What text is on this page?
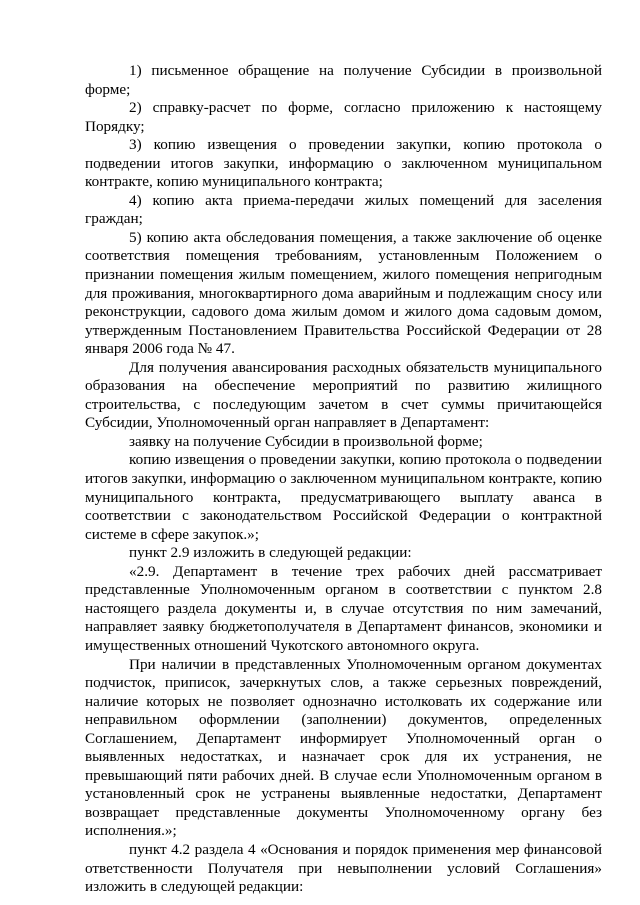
1) письменное обращение на получение Субсидии в произвольной форме;

2) справку-расчет по форме, согласно приложению к настоящему Порядку;

3) копию извещения о проведении закупки, копию протокола о подведении итогов закупки, информацию о заключенном муниципальном контракте, копию муниципального контракта;

4) копию акта приема-передачи жилых помещений для заселения граждан;

5) копию акта обследования помещения, а также заключение об оценке соответствия помещения требованиям, установленным Положением о признании помещения жилым помещением, жилого помещения непригодным для проживания, многоквартирного дома аварийным и подлежащим сносу или реконструкции, садового дома жилым домом и жилого дома садовым домом, утвержденным Постановлением Правительства Российской Федерации от 28 января 2006 года № 47.

Для получения авансирования расходных обязательств муниципального образования на обеспечение мероприятий по развитию жилищного строительства, с последующим зачетом в счет суммы причитающейся Субсидии, Уполномоченный орган направляет в Департамент:

заявку на получение Субсидии в произвольной форме;

копию извещения о проведении закупки, копию протокола о подведении итогов закупки, информацию о заключенном муниципальном контракте, копию муниципального контракта, предусматривающего выплату аванса в соответствии с законодательством Российской Федерации о контрактной системе в сфере закупок.»;

пункт 2.9 изложить в следующей редакции:

«2.9. Департамент в течение трех рабочих дней рассматривает представленные Уполномоченным органом в соответствии с пунктом 2.8 настоящего раздела документы и, в случае отсутствия по ним замечаний, направляет заявку бюджетополучателя в Департамент финансов, экономики и имущественных отношений Чукотского автономного округа.

При наличии в представленных Уполномоченным органом документах подчисток, приписок, зачеркнутых слов, а также серьезных повреждений, наличие которых не позволяет однозначно истолковать их содержание или неправильном оформлении (заполнении) документов, определенных Соглашением, Департамент информирует Уполномоченный орган о выявленных недостатках, и назначает срок для их устранения, не превышающий пяти рабочих дней. В случае если Уполномоченным органом в установленный срок не устранены выявленные недостатки, Департамент возвращает представленные документы Уполномоченному органу без исполнения.»;

пункт 4.2 раздела 4 «Основания и порядок применения мер финансовой ответственности Получателя при невыполнении условий Соглашения» изложить в следующей редакции:
